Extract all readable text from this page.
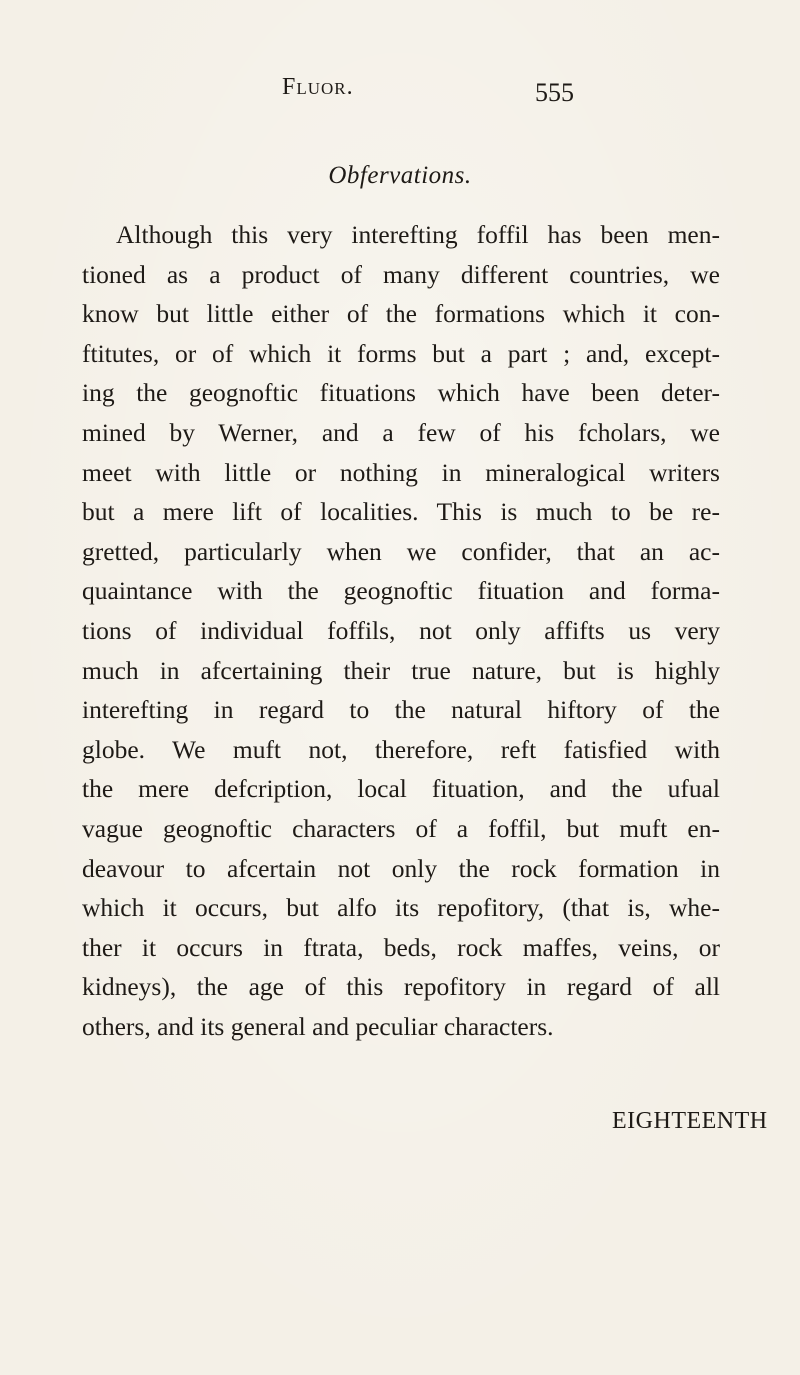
Fluor.	555
Obfervations.
Although this very interefting foffil has been men-
tioned as a product of many different countries, we
know but little either of the formations which it con-
ftitutes, or of which it forms but a part ; and, except-
ing the geognoftic fituations which have been deter-
mined by Werner, and a few of his fcholars, we
meet with little or nothing in mineralogical writers
but a mere lift of localities. This is much to be re-
gretted, particularly when we confider, that an ac-
quaintance with the geognoftic fituation and forma-
tions of individual foffils, not only affifts us very
much in afcertaining their true nature, but is highly
interefting in regard to the natural hiftory of the
globe. We muft not, therefore, reft fatisfied with
the mere defcription, local fituation, and the ufual
vague geognoftic characters of a foffil, but muft en-
deavour to afcertain not only the rock formation in
which it occurs, but alfo its repofitory, (that is, whe-
ther it occurs in ftrata, beds, rock maffes, veins, or
kidneys), the age of this repofitory in regard of all
others, and its general and peculiar characters.
EIGHTEENTH
